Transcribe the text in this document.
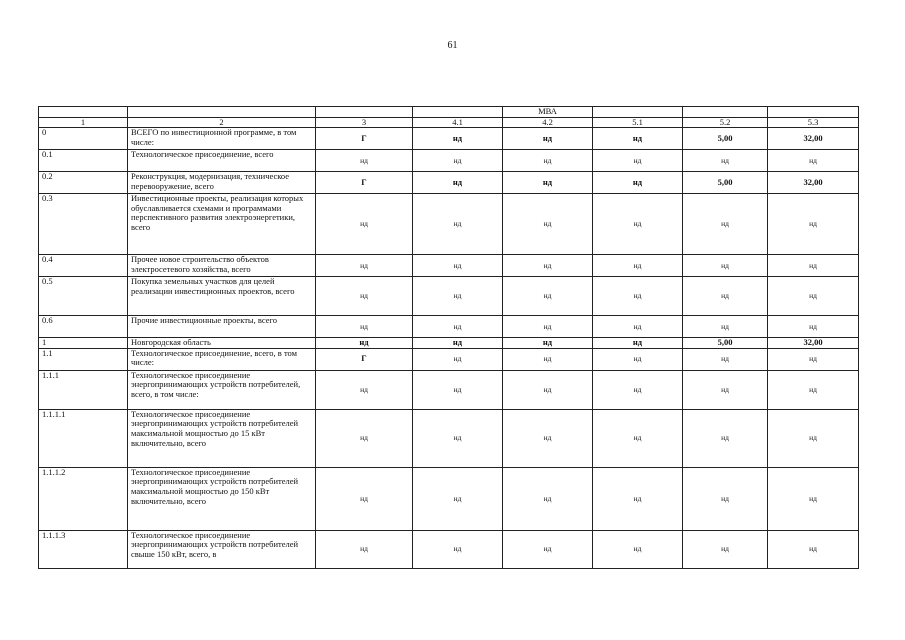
61
				МВА			
1	2	3	4.1	4.2	5.1	5.2	5.3
0	ВСЕГО по инвестиционной программе, в том числе:	Г	нд	нд	нд	5,00	32,00
0.1	Технологическое присоединение, всего	нд	нд	нд	нд	нд	нд
0.2	Реконструкция, модернизация, техническое перевооружение, всего	Г	нд	нд	нд	5,00	32,00
0.3	Инвестиционные проекты, реализация которых обуславливается схемами и программами перспективного развития электроэнергетики, всего	нд	нд	нд	нд	нд	нд
0.4	Прочее новое строительство объектов электросетевого хозяйства, всего	нд	нд	нд	нд	нд	нд
0.5	Покупка земельных участков для целей реализации инвестиционных проектов, всего	нд	нд	нд	нд	нд	нд
0.6	Прочие инвестиционные проекты, всего	нд	нд	нд	нд	нд	нд
1	Новгородская область	нд	нд	нд	нд	5,00	32,00
1.1	Технологическое присоединение, всего, в том числе:	Г	нд	нд	нд	нд	нд
1.1.1	Технологическое присоединение энергопринимающих устройств потребителей, всего, в том числе:	нд	нд	нд	нд	нд	нд
1.1.1.1	Технологическое присоединение энергопринимающих устройств потребителей максимальной мощностью до 15 кВт включительно, всего	нд	нд	нд	нд	нд	нд
1.1.1.2	Технологическое присоединение энергопринимающих устройств потребителей максимальной мощностью до 150 кВт включительно, всего	нд	нд	нд	нд	нд	нд
1.1.1.3	Технологическое присоединение энергопринимающих устройств потребителей свыше 150 кВт, всего, в	нд	нд	нд	нд	нд	нд
